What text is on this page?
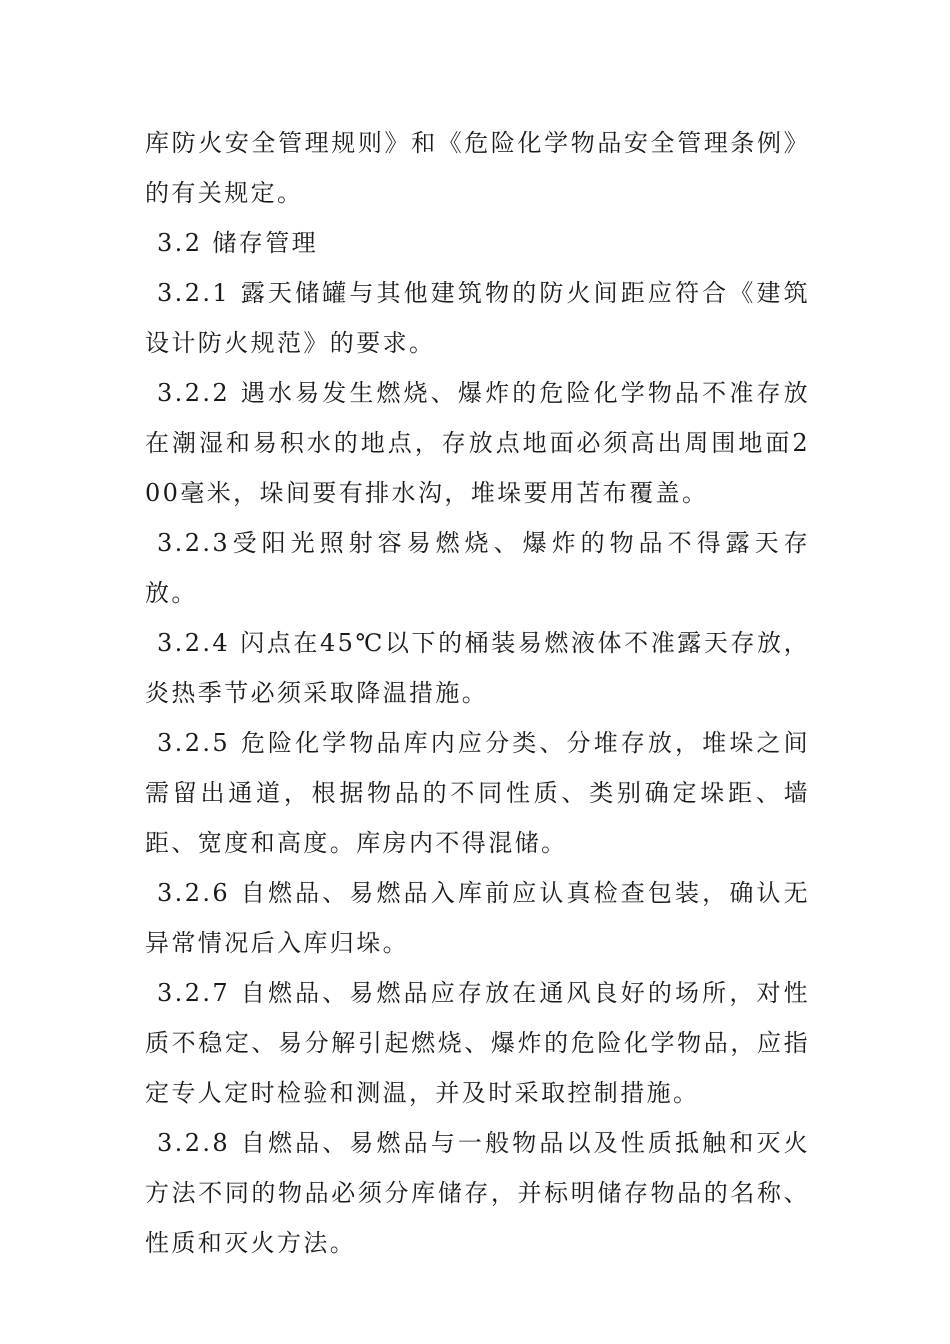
库防火安全管理规则》和《危险化学物品安全管理条例》的有关规定。

3.2 储存管理

3.2.1 露天储罐与其他建筑物的防火间距应符合《建筑设计防火规范》的要求。

3.2.2 遇水易发生燃烧、爆炸的危险化学物品不准存放在潮湿和易积水的地点，存放点地面必须高出周围地面200毫米，垛间要有排水沟，堆垛要用苫布覆盖。

3.2.3受阳光照射容易燃烧、爆炸的物品不得露天存放。

3.2.4 闪点在45℃以下的桶装易燃液体不准露天存放，炎热季节必须采取降温措施。

3.2.5 危险化学物品库内应分类、分堆存放，堆垛之间需留出通道，根据物品的不同性质、类别确定垛距、墙距、宽度和高度。库房内不得混储。

3.2.6 自燃品、易燃品入库前应认真检查包装，确认无异常情况后入库归垛。

3.2.7 自燃品、易燃品应存放在通风良好的场所，对性质不稳定、易分解引起燃烧、爆炸的危险化学物品，应指定专人定时检验和测温，并及时采取控制措施。

3.2.8 自燃品、易燃品与一般物品以及性质抵触和灭火方法不同的物品必须分库储存，并标明储存物品的名称、性质和灭火方法。
